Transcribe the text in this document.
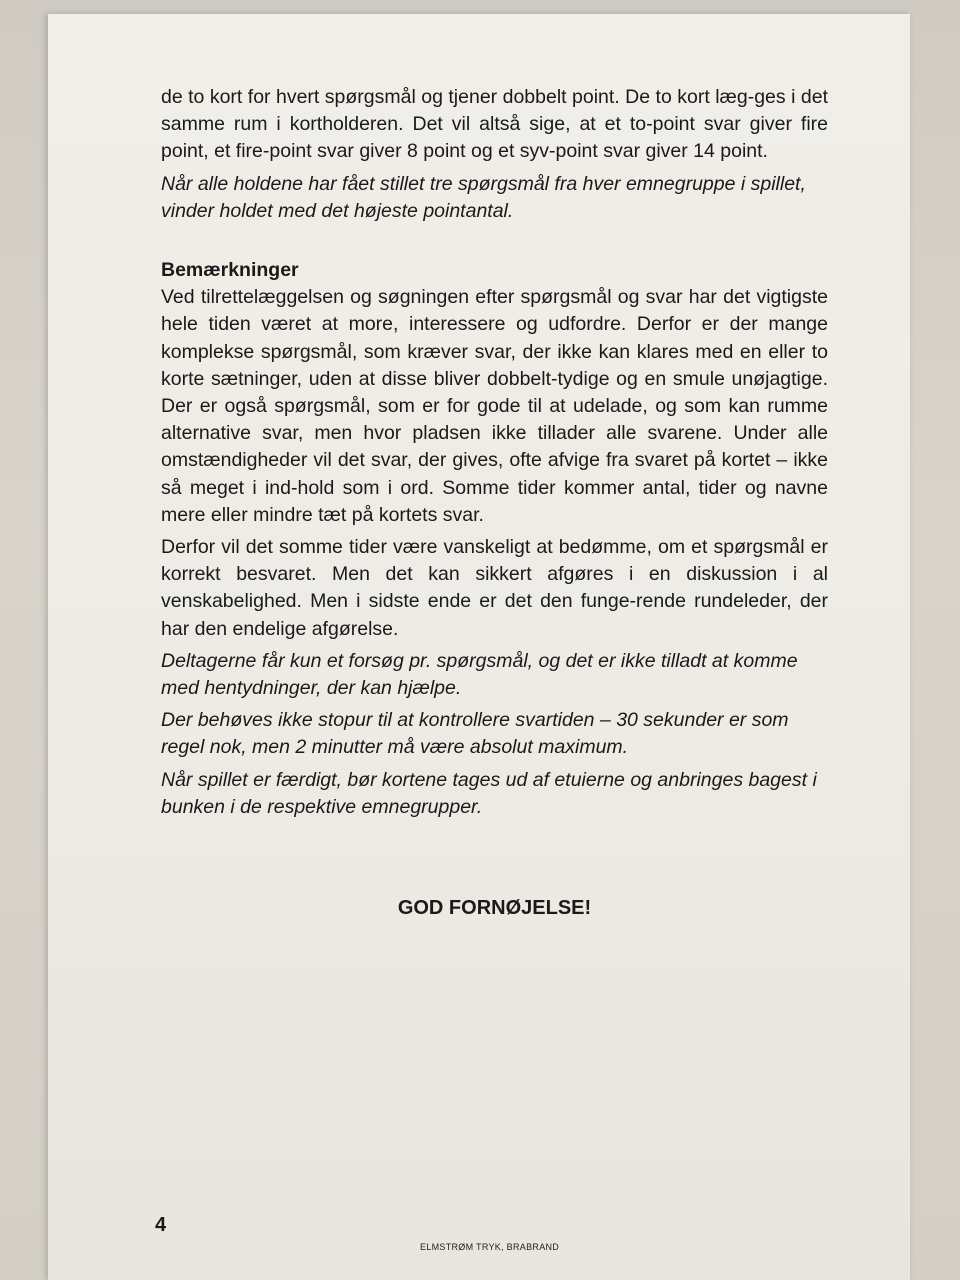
de to kort for hvert spørgsmål og tjener dobbelt point. De to kort læg-ges i det samme rum i kortholderen. Det vil altså sige, at et to-point svar giver fire point, et fire-point svar giver 8 point og et syv-point svar giver 14 point.

Når alle holdene har fået stillet tre spørgsmål fra hver emnegruppe i spillet, vinder holdet med det højeste pointantal.

Bemærkninger

Ved tilrettelæggelsen og søgningen efter spørgsmål og svar har det vigtigste hele tiden været at more, interessere og udfordre. Derfor er der mange komplekse spørgsmål, som kræver svar, der ikke kan klares med en eller to korte sætninger, uden at disse bliver dobbelt-tydige og en smule unøjagtige. Der er også spørgsmål, som er for gode til at udelade, og som kan rumme alternative svar, men hvor pladsen ikke tillader alle svarene. Under alle omstændigheder vil det svar, der gives, ofte afvige fra svaret på kortet – ikke så meget i ind-hold som i ord. Somme tider kommer antal, tider og navne mere eller mindre tæt på kortets svar.

Derfor vil det somme tider være vanskeligt at bedømme, om et spørgsmål er korrekt besvaret. Men det kan sikkert afgøres i en diskussion i al venskabelighed. Men i sidste ende er det den funge-rende rundeleder, der har den endelige afgørelse.

Deltagerne får kun et forsøg pr. spørgsmål, og det er ikke tilladt at komme med hentydninger, der kan hjælpe.

Der behøves ikke stopur til at kontrollere svartiden – 30 sekunder er som regel nok, men 2 minutter må være absolut maximum.

Når spillet er færdigt, bør kortene tages ud af etuierne og anbringes bagest i bunken i de respektive emnegrupper.

GOD FORNØJELSE!
4
ELMSTRØM TRYK, BRABRAND
